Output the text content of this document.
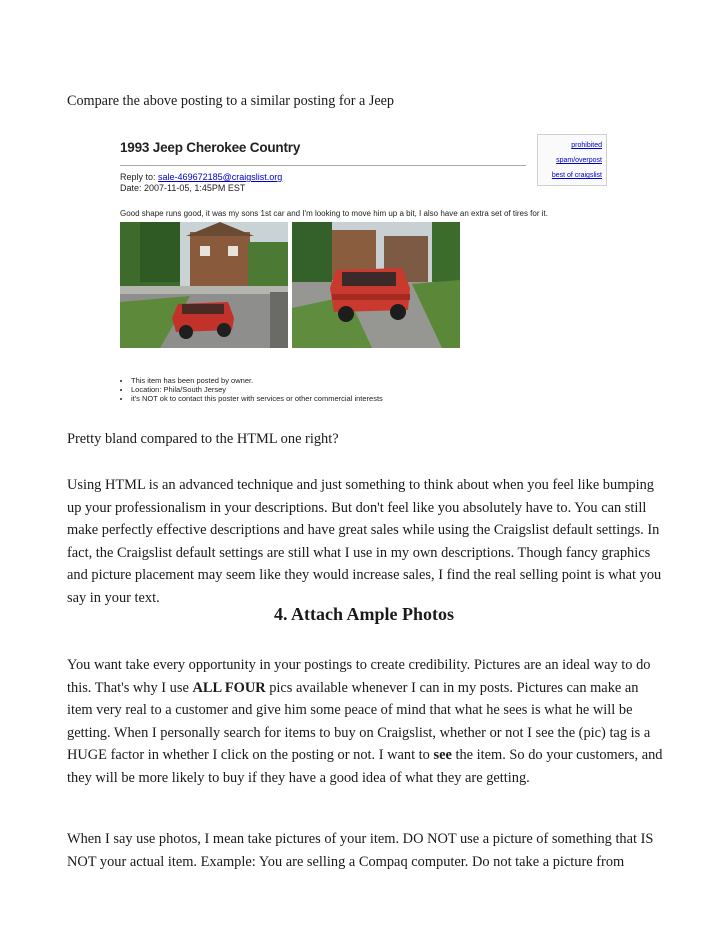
Compare the above posting to a similar posting for a Jeep

1993 Jeep Cherokee Country	prohibited
spam/overpost
best of craigslist
Reply to: sale-469672185@craigslist.org
Date: 2007-11-05, 1:45PM EST
Good shape runs good, it was my sons 1st car and I'm looking to move him up a bit, I also have an extra set of tires for it.
• This item has been posted by owner.
• Location: Phila/South Jersey
• it's NOT ok to contact this poster with services or other commercial interests

Pretty bland compared to the HTML one right?

Using HTML is an advanced technique and just something to think about when you feel like bumping up your professionalism in your descriptions. But don't feel like you absolutely have to. You can still make perfectly effective descriptions and have great sales while using the Craigslist default settings. In fact, the Craigslist default settings are still what I use in my own descriptions. Though fancy graphics and picture placement may seem like they would increase sales, I find the real selling point is what you say in your text.

4. Attach Ample Photos

You want take every opportunity in your postings to create credibility. Pictures are an ideal way to do this. That's why I use ALL FOUR pics available whenever I can in my posts. Pictures can make an item very real to a customer and give him some peace of mind that what he sees is what he will be getting. When I personally search for items to buy on Craigslist, whether or not I see the (pic) tag is a HUGE factor in whether I click on the posting or not. I want to see the item. So do your customers, and they will be more likely to buy if they have a good idea of what they are getting.

When I say use photos, I mean take pictures of your item. DO NOT use a picture of something that IS NOT your actual item. Example: You are selling a Compaq computer. Do not take a picture from
